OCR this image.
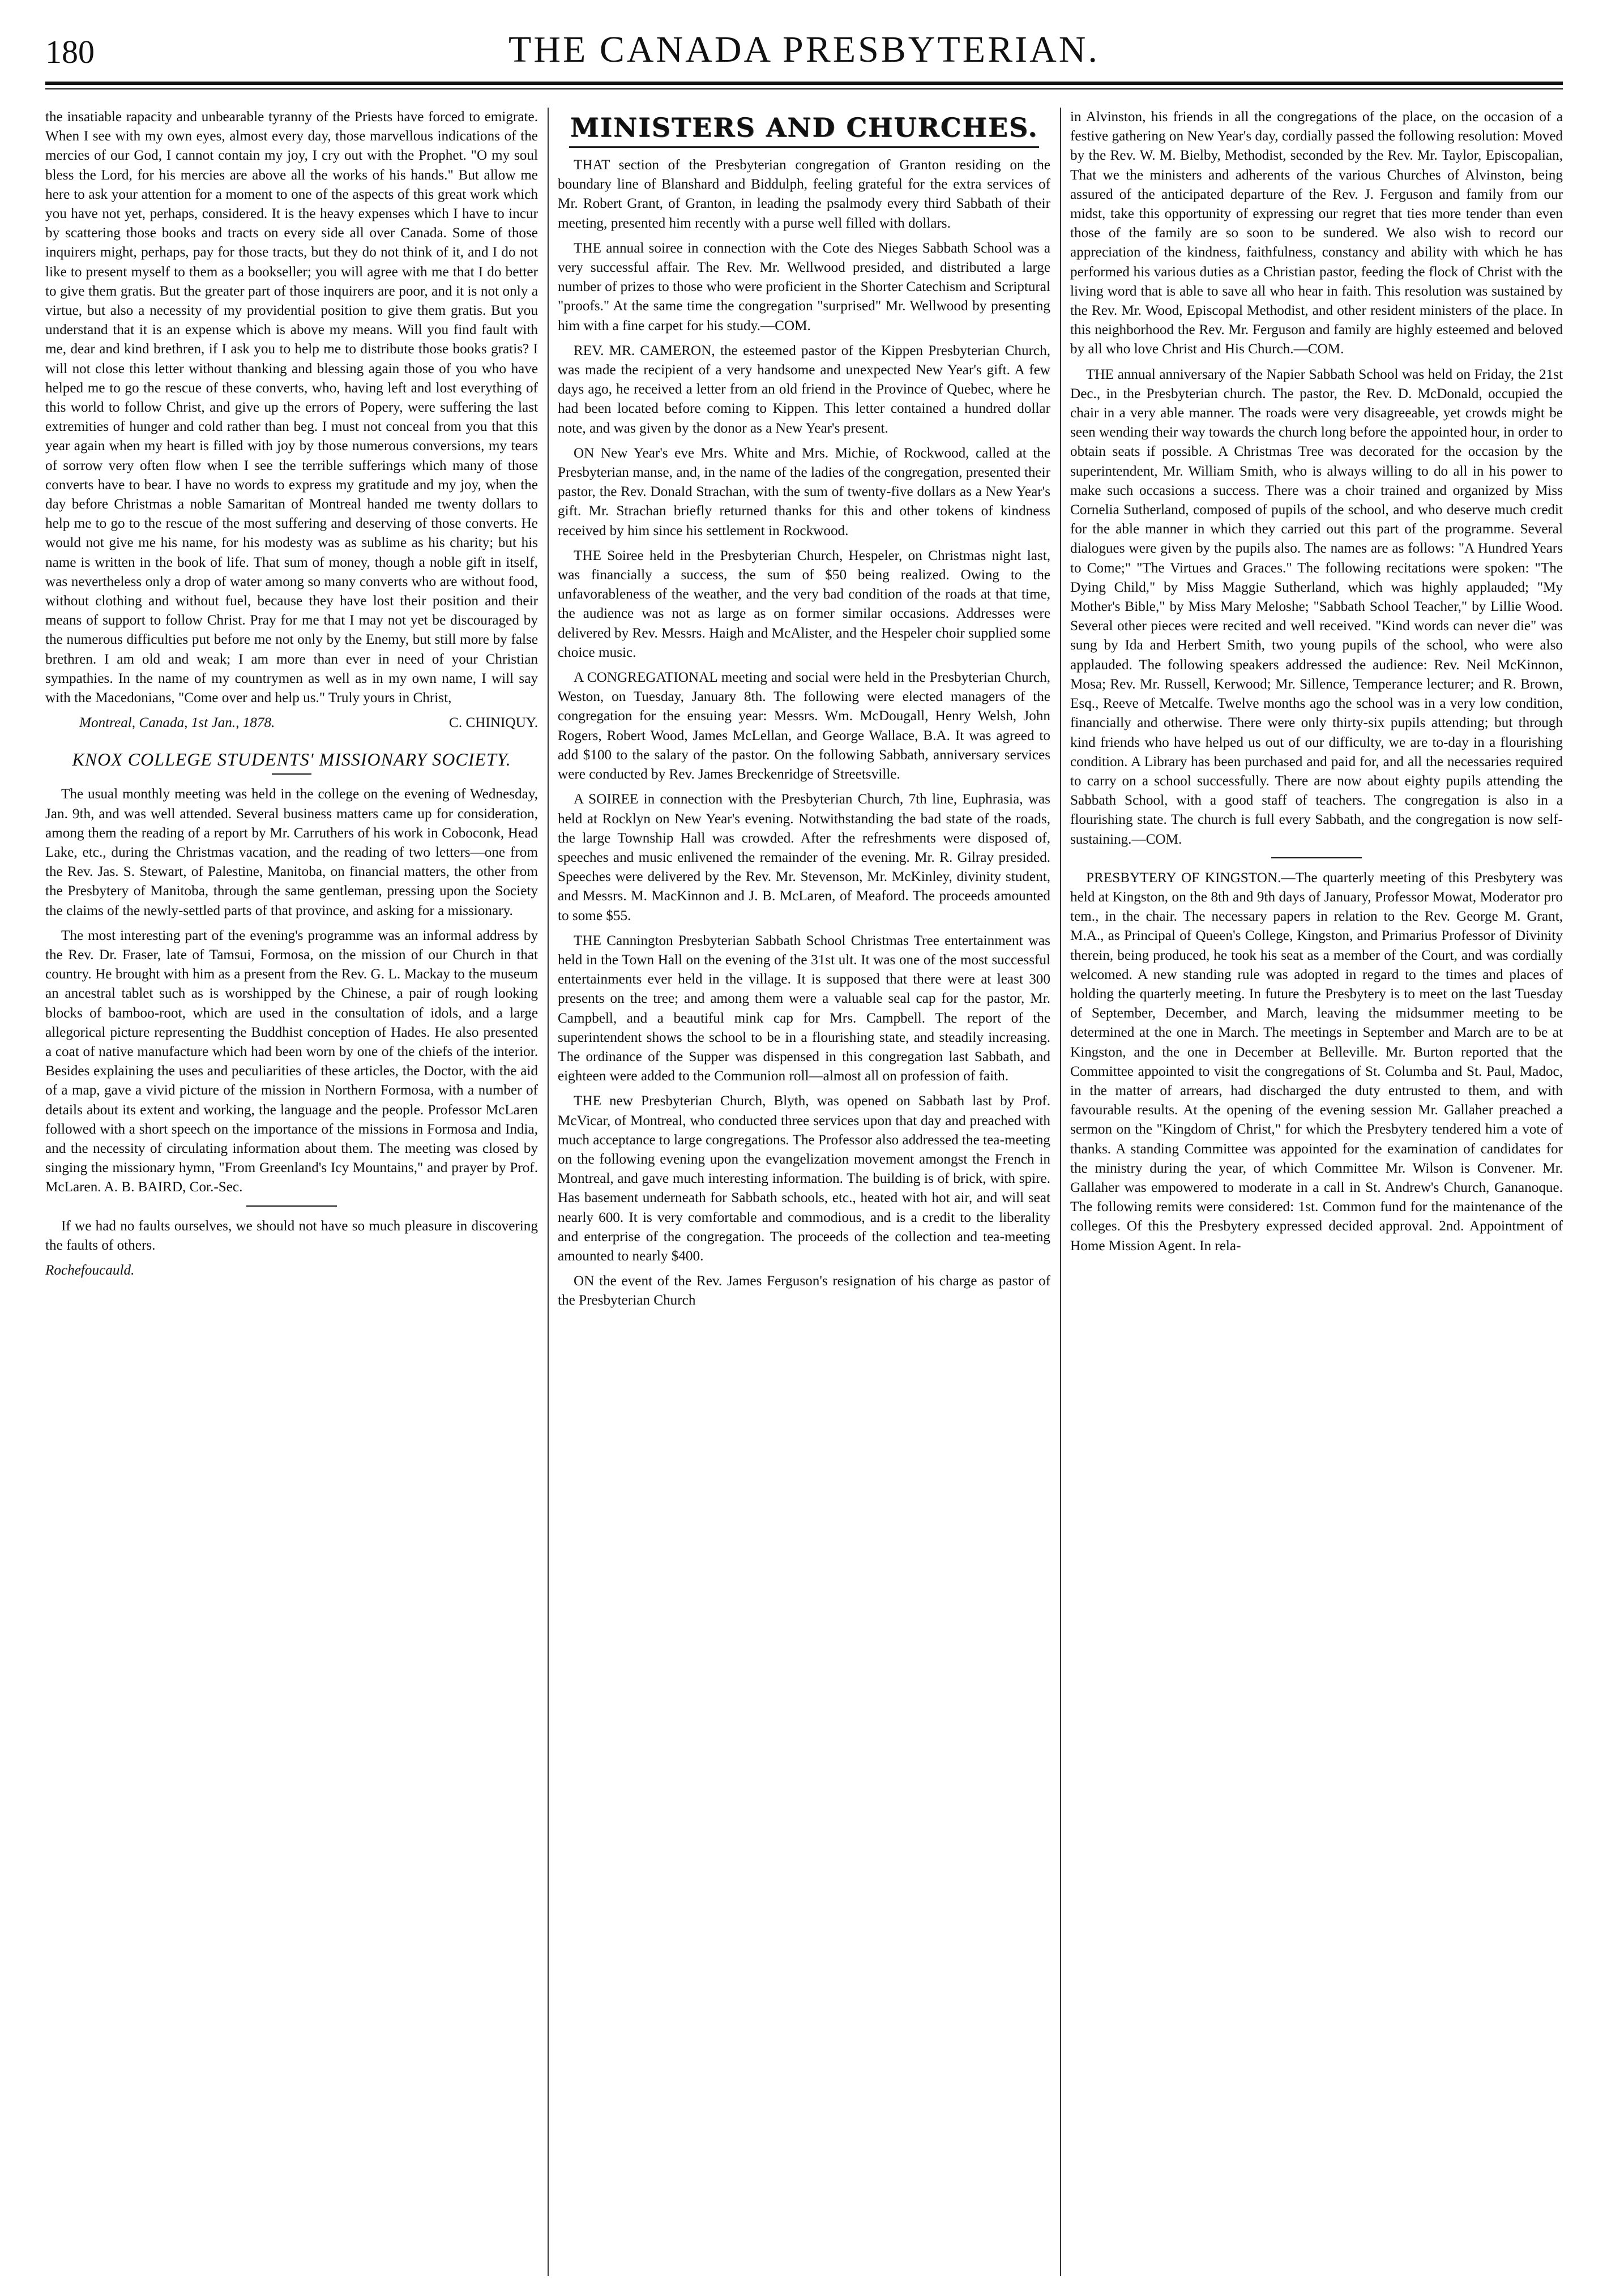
180	THE CANADA PRESBYTERIAN.

the insatiable rapacity and unbearable tyranny of the Priests have forced to emigrate. When I see with my own eyes, almost every day, those marvellous indications of the mercies of our God, I cannot contain my joy, I cry out with the Prophet. "O my soul bless the Lord, for his mercies are above all the works of his hands." But allow me here to ask your attention for a moment to one of the aspects of this great work which you have not yet, perhaps, considered. It is the heavy expenses which I have to incur by scattering those books and tracts on every side all over Canada. Some of those inquirers might, perhaps, pay for those tracts, but they do not think of it, and I do not like to present myself to them as a bookseller; you will agree with me that I do better to give them gratis. But the greater part of those inquirers are poor, and it is not only a virtue, but also a necessity of my providential position to give them gratis. But you understand that it is an expense which is above my means. Will you find fault with me, dear and kind brethren, if I ask you to help me to distribute those books gratis? I will not close this letter without thanking and blessing again those of you who have helped me to go the rescue of these converts, who, having left and lost everything of this world to follow Christ, and give up the errors of Popery, were suffering the last extremities of hunger and cold rather than beg. I must not conceal from you that this year again when my heart is filled with joy by those numerous conversions, my tears of sorrow very often flow when I see the terrible sufferings which many of those converts have to bear. I have no words to express my gratitude and my joy, when the day before Christmas a noble Samaritan of Montreal handed me twenty dollars to help me to go to the rescue of the most suffering and deserving of those converts. He would not give me his name, for his modesty was as sublime as his charity; but his name is written in the book of life. That sum of money, though a noble gift in itself, was nevertheless only a drop of water among so many converts who are without food, without clothing and without fuel, because they have lost their position and their means of support to follow Christ. Pray for me that I may not yet be discouraged by the numerous difficulties put before me not only by the Enemy, but still more by false brethren. I am old and weak; I am more than ever in need of your Christian sympathies. In the name of my countrymen as well as in my own name, I will say with the Macedonians, "Come over and help us." Truly yours in Christ,

Montreal, Canada, 1st Jan., 1878.	C. CHINIQUY.
KNOX COLLEGE STUDENTS' MISSIONARY SOCIETY.

The usual monthly meeting was held in the college on the evening of Wednesday, Jan. 9th, and was well attended. Several business matters came up for consideration, among them the reading of a report by Mr. Carruthers of his work in Coboconk, Head Lake, etc., during the Christmas vacation, and the reading of two letters—one from the Rev. Jas. S. Stewart, of Palestine, Manitoba, on financial matters, the other from the Presbytery of Manitoba, through the same gentleman, pressing upon the Society the claims of the newly-settled parts of that province, and asking for a missionary.

The most interesting part of the evening's programme was an informal address by the Rev. Dr. Fraser, late of Tamsui, Formosa, on the mission of our Church in that country. He brought with him as a present from the Rev. G. L. Mackay to the museum an ancestral tablet such as is worshipped by the Chinese, a pair of rough looking blocks of bamboo-root, which are used in the consultation of idols, and a large allegorical picture representing the Buddhist conception of Hades. He also presented a coat of native manufacture which had been worn by one of the chiefs of the interior. Besides explaining the uses and peculiarities of these articles, the Doctor, with the aid of a map, gave a vivid picture of the mission in Northern Formosa, with a number of details about its extent and working, the language and the people. Professor McLaren followed with a short speech on the importance of the missions in Formosa and India, and the necessity of circulating information about them. The meeting was closed by singing the missionary hymn, "From Greenland's Icy Mountains," and prayer by Prof. McLaren. A. B. BAIRD, Cor.-Sec.

If we had no faults ourselves, we should not have so much pleasure in discovering the faults of others.

Rochefoucauld.

MINISTERS AND CHURCHES.

THAT section of the Presbyterian congregation of Granton residing on the boundary line of Blanshard and Biddulph, feeling grateful for the extra services of Mr. Robert Grant, of Granton, in leading the psalmody every third Sabbath of their meeting, presented him recently with a purse well filled with dollars.

THE annual soiree in connection with the Cote des Nieges Sabbath School was a very successful affair. The Rev. Mr. Wellwood presided, and distributed a large number of prizes to those who were proficient in the Shorter Catechism and Scriptural "proofs." At the same time the congregation "surprised" Mr. Wellwood by presenting him with a fine carpet for his study.—COM.

REV. MR. CAMERON, the esteemed pastor of the Kippen Presbyterian Church, was made the recipient of a very handsome and unexpected New Year's gift. A few days ago, he received a letter from an old friend in the Province of Quebec, where he had been located before coming to Kippen. This letter contained a hundred dollar note, and was given by the donor as a New Year's present.

ON New Year's eve Mrs. White and Mrs. Michie, of Rockwood, called at the Presbyterian manse, and, in the name of the ladies of the congregation, presented their pastor, the Rev. Donald Strachan, with the sum of twenty-five dollars as a New Year's gift. Mr. Strachan briefly returned thanks for this and other tokens of kindness received by him since his settlement in Rockwood.

THE Soiree held in the Presbyterian Church, Hespeler, on Christmas night last, was financially a success, the sum of $50 being realized. Owing to the unfavorableness of the weather, and the very bad condition of the roads at that time, the audience was not as large as on former similar occasions. Addresses were delivered by Rev. Messrs. Haigh and McAlister, and the Hespeler choir supplied some choice music.

A CONGREGATIONAL meeting and social were held in the Presbyterian Church, Weston, on Tuesday, January 8th. The following were elected managers of the congregation for the ensuing year: Messrs. Wm. McDougall, Henry Welsh, John Rogers, Robert Wood, James McLellan, and George Wallace, B.A. It was agreed to add $100 to the salary of the pastor. On the following Sabbath, anniversary services were conducted by Rev. James Breckenridge of Streetsville.

A SOIREE in connection with the Presbyterian Church, 7th line, Euphrasia, was held at Rocklyn on New Year's evening. Notwithstanding the bad state of the roads, the large Township Hall was crowded. After the refreshments were disposed of, speeches and music enlivened the remainder of the evening. Mr. R. Gilray presided. Speeches were delivered by the Rev. Mr. Stevenson, Mr. McKinley, divinity student, and Messrs. M. MacKinnon and J. B. McLaren, of Meaford. The proceeds amounted to some $55.

THE Cannington Presbyterian Sabbath School Christmas Tree entertainment was held in the Town Hall on the evening of the 31st ult. It was one of the most successful entertainments ever held in the village. It is supposed that there were at least 300 presents on the tree; and among them were a valuable seal cap for the pastor, Mr. Campbell, and a beautiful mink cap for Mrs. Campbell. The report of the superintendent shows the school to be in a flourishing state, and steadily increasing. The ordinance of the Supper was dispensed in this congregation last Sabbath, and eighteen were added to the Communion roll—almost all on profession of faith.

THE new Presbyterian Church, Blyth, was opened on Sabbath last by Prof. McVicar, of Montreal, who conducted three services upon that day and preached with much acceptance to large congregations. The Professor also addressed the tea-meeting on the following evening upon the evangelization movement amongst the French in Montreal, and gave much interesting information. The building is of brick, with spire. Has basement underneath for Sabbath schools, etc., heated with hot air, and will seat nearly 600. It is very comfortable and commodious, and is a credit to the liberality and enterprise of the congregation. The proceeds of the collection and tea-meeting amounted to nearly $400.

ON the event of the Rev. James Ferguson's resignation of his charge as pastor of the Presbyterian Church

in Alvinston, his friends in all the congregations of the place, on the occasion of a festive gathering on New Year's day, cordially passed the following resolution: Moved by the Rev. W. M. Bielby, Methodist, seconded by the Rev. Mr. Taylor, Episcopalian, That we the ministers and adherents of the various Churches of Alvinston, being assured of the anticipated departure of the Rev. J. Ferguson and family from our midst, take this opportunity of expressing our regret that ties more tender than even those of the family are so soon to be sundered. We also wish to record our appreciation of the kindness, faithfulness, constancy and ability with which he has performed his various duties as a Christian pastor, feeding the flock of Christ with the living word that is able to save all who hear in faith. This resolution was sustained by the Rev. Mr. Wood, Episcopal Methodist, and other resident ministers of the place. In this neighborhood the Rev. Mr. Ferguson and family are highly esteemed and beloved by all who love Christ and His Church.—COM.

THE annual anniversary of the Napier Sabbath School was held on Friday, the 21st Dec., in the Presbyterian church. The pastor, the Rev. D. McDonald, occupied the chair in a very able manner. The roads were very disagreeable, yet crowds might be seen wending their way towards the church long before the appointed hour, in order to obtain seats if possible. A Christmas Tree was decorated for the occasion by the superintendent, Mr. William Smith, who is always willing to do all in his power to make such occasions a success. There was a choir trained and organized by Miss Cornelia Sutherland, composed of pupils of the school, and who deserve much credit for the able manner in which they carried out this part of the programme. Several dialogues were given by the pupils also. The names are as follows: "A Hundred Years to Come;" "The Virtues and Graces." The following recitations were spoken: "The Dying Child," by Miss Maggie Sutherland, which was highly applauded; "My Mother's Bible," by Miss Mary Meloshe; "Sabbath School Teacher," by Lillie Wood. Several other pieces were recited and well received. "Kind words can never die" was sung by Ida and Herbert Smith, two young pupils of the school, who were also applauded. The following speakers addressed the audience: Rev. Neil McKinnon, Mosa; Rev. Mr. Russell, Kerwood; Mr. Sillence, Temperance lecturer; and R. Brown, Esq., Reeve of Metcalfe. Twelve months ago the school was in a very low condition, financially and otherwise. There were only thirty-six pupils attending; but through kind friends who have helped us out of our difficulty, we are to-day in a flourishing condition. A Library has been purchased and paid for, and all the necessaries required to carry on a school successfully. There are now about eighty pupils attending the Sabbath School, with a good staff of teachers. The congregation is also in a flourishing state. The church is full every Sabbath, and the congregation is now self-sustaining.—COM.

PRESBYTERY OF KINGSTON.—The quarterly meeting of this Presbytery was held at Kingston, on the 8th and 9th days of January, Professor Mowat, Moderator pro tem., in the chair. The necessary papers in relation to the Rev. George M. Grant, M.A., as Principal of Queen's College, Kingston, and Primarius Professor of Divinity therein, being produced, he took his seat as a member of the Court, and was cordially welcomed. A new standing rule was adopted in regard to the times and places of holding the quarterly meeting. In future the Presbytery is to meet on the last Tuesday of September, December, and March, leaving the midsummer meeting to be determined at the one in March. The meetings in September and March are to be at Kingston, and the one in December at Belleville. Mr. Burton reported that the Committee appointed to visit the congregations of St. Columba and St. Paul, Madoc, in the matter of arrears, had discharged the duty entrusted to them, and with favourable results. At the opening of the evening session Mr. Gallaher preached a sermon on the "Kingdom of Christ," for which the Presbytery tendered him a vote of thanks. A standing Committee was appointed for the examination of candidates for the ministry during the year, of which Committee Mr. Wilson is Convener. Mr. Gallaher was empowered to moderate in a call in St. Andrew's Church, Gananoque. The following remits were considered: 1st. Common fund for the maintenance of the colleges. Of this the Presbytery expressed decided approval. 2nd. Appointment of Home Mission Agent. In rela-
